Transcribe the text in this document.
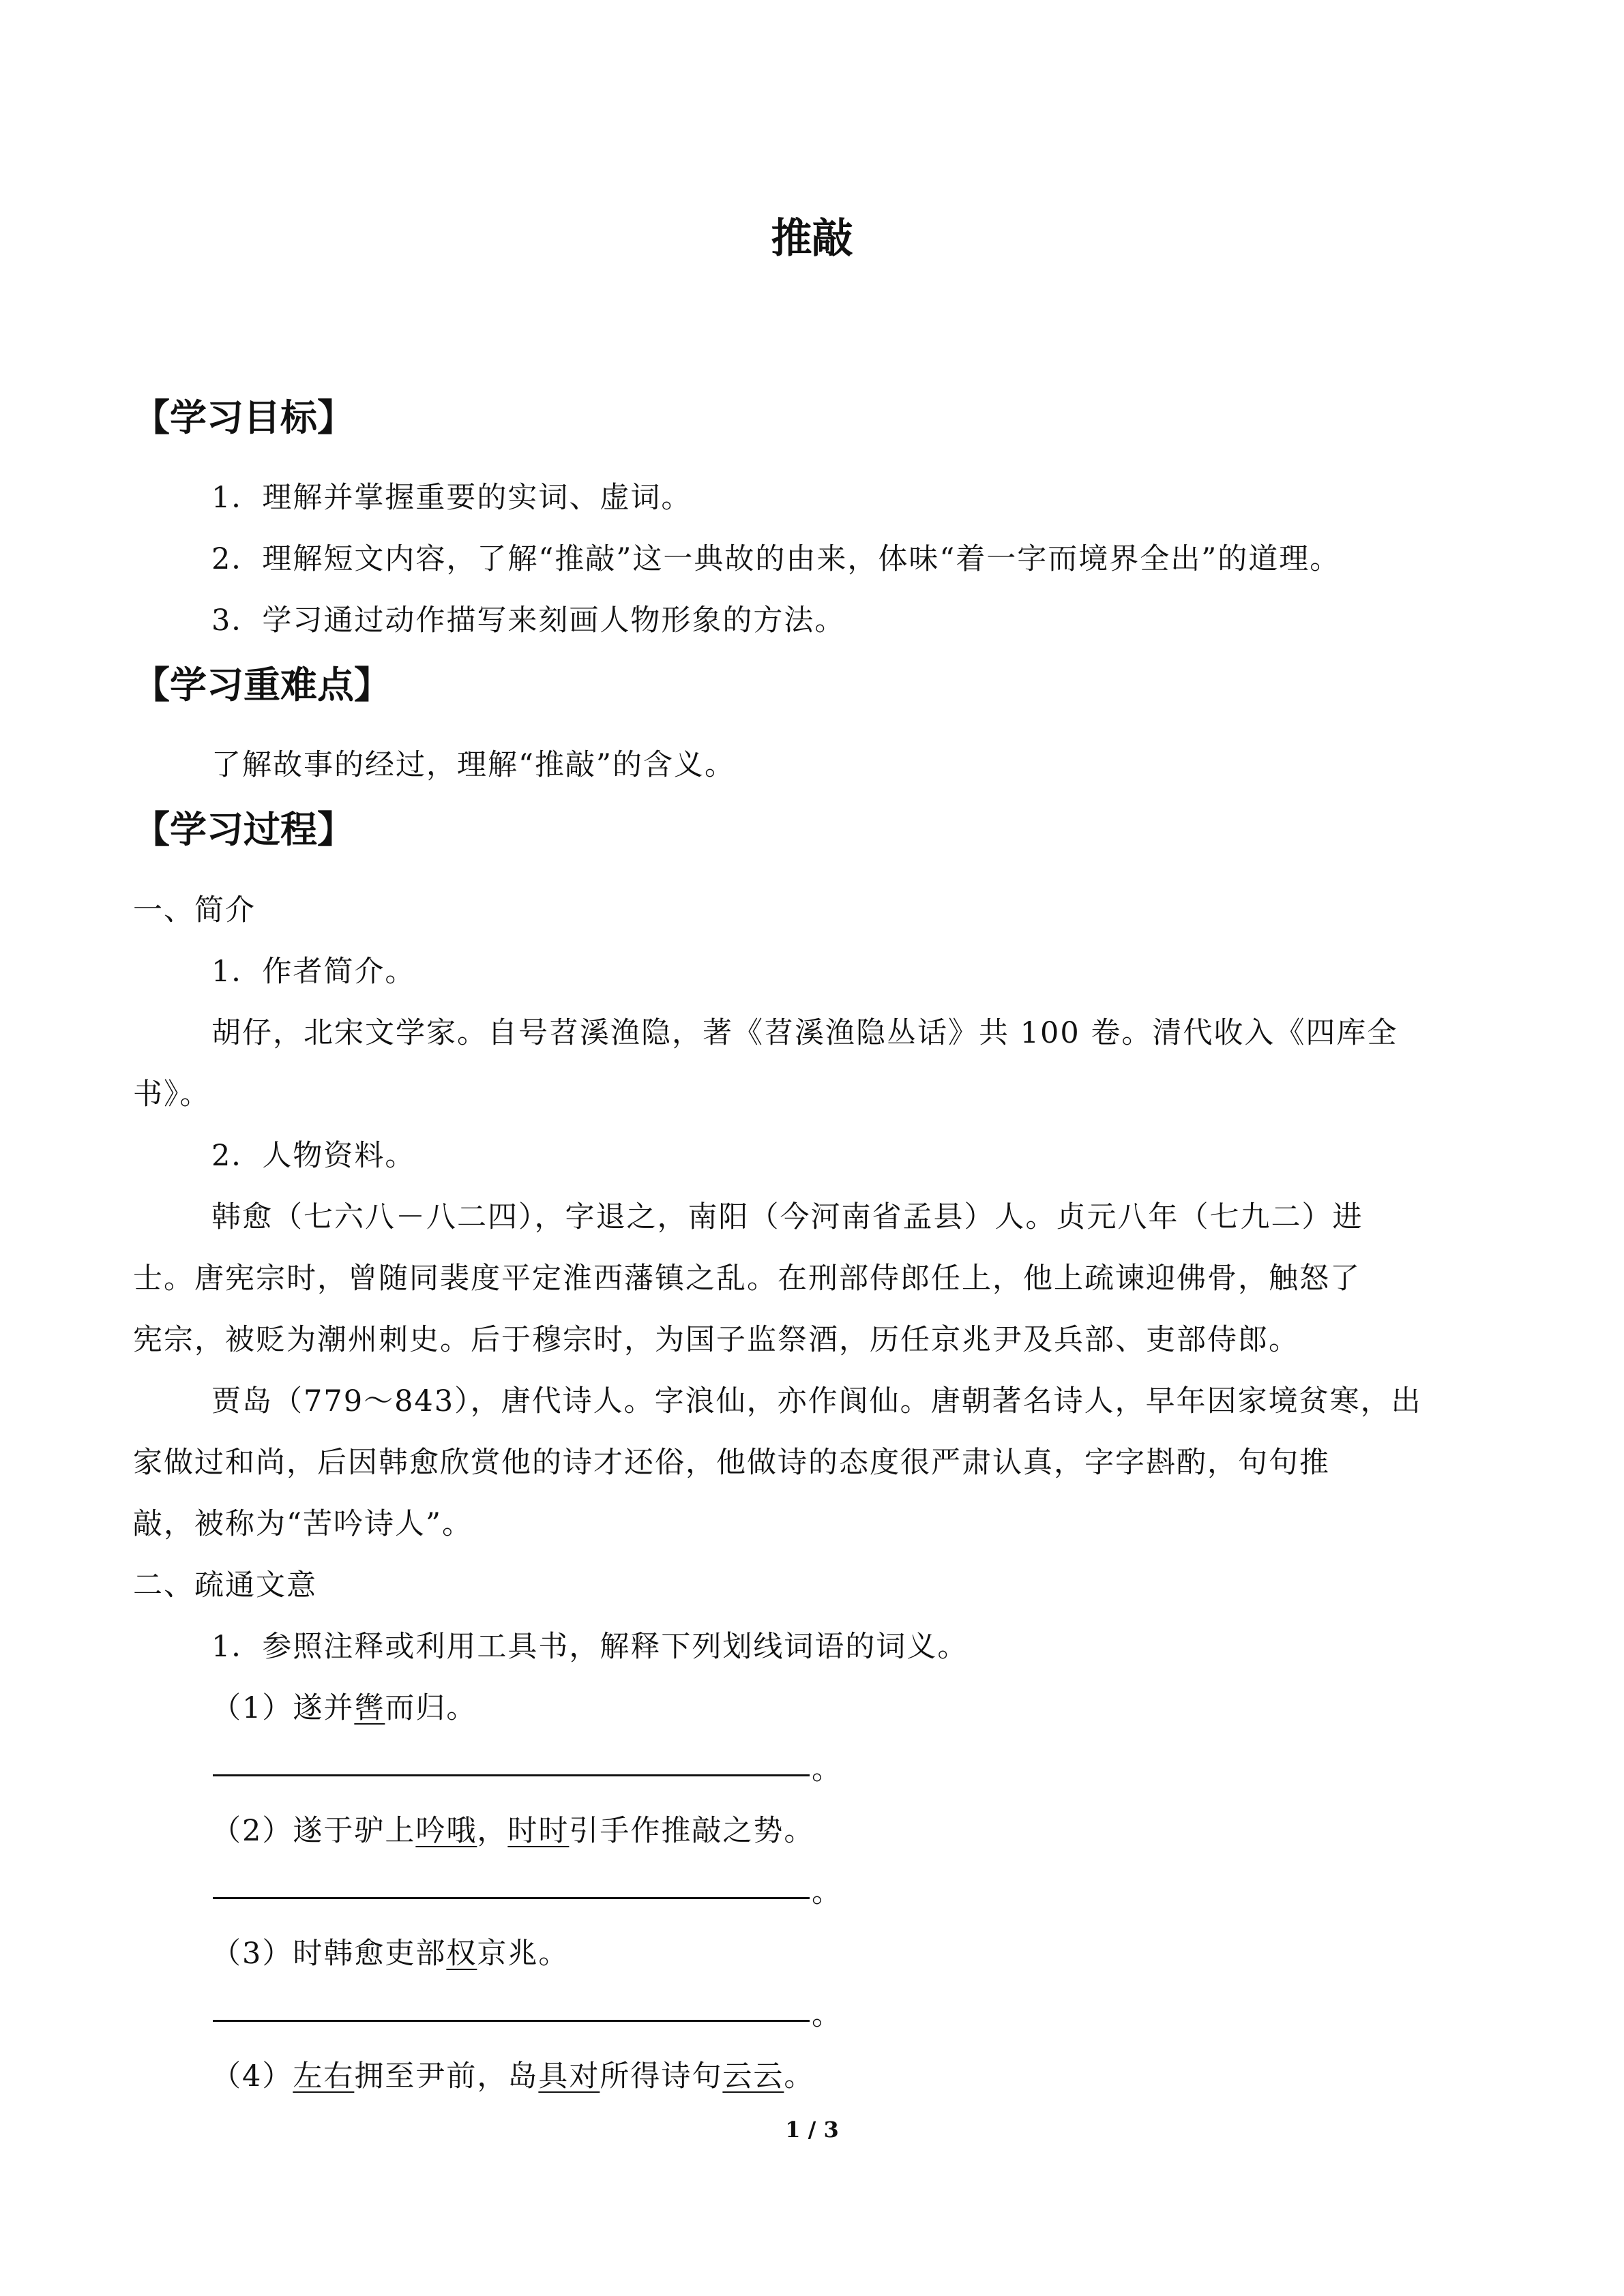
推敲
【学习目标】
1．理解并掌握重要的实词、虚词。
2．理解短文内容，了解“推敲”这一典故的由来，体味“着一字而境界全出”的道理。
3．学习通过动作描写来刻画人物形象的方法。
【学习重难点】
了解故事的经过，理解“推敲”的含义。
【学习过程】
一、简介
1．作者简介。
胡仔，北宋文学家。自号苕溪渔隐，著《苕溪渔隐丛话》共 100 卷。清代收入《四库全
书》。
2．人物资料。
韩愈（七六八－八二四），字退之，南阳（今河南省孟县）人。贞元八年（七九二）进
士。唐宪宗时，曾随同裴度平定淮西藩镇之乱。在刑部侍郎任上，他上疏谏迎佛骨，触怒了
宪宗，被贬为潮州刺史。后于穆宗时，为国子监祭酒，历任京兆尹及兵部、吏部侍郎。
贾岛（779～843），唐代诗人。字浪仙，亦作阆仙。唐朝著名诗人，早年因家境贫寒，出
家做过和尚，后因韩愈欣赏他的诗才还俗，他做诗的态度很严肃认真，字字斟酌，句句推
敲，被称为“苦吟诗人”。
二、疏通文意
1．参照注释或利用工具书，解释下列划线词语的词义。
（1）遂并辔而归。
。
（2）遂于驴上吟哦，时时引手作推敲之势。
。
（3）时韩愈吏部权京兆。
。
（4）左右拥至尹前，岛具对所得诗句云云。
1 / 3
